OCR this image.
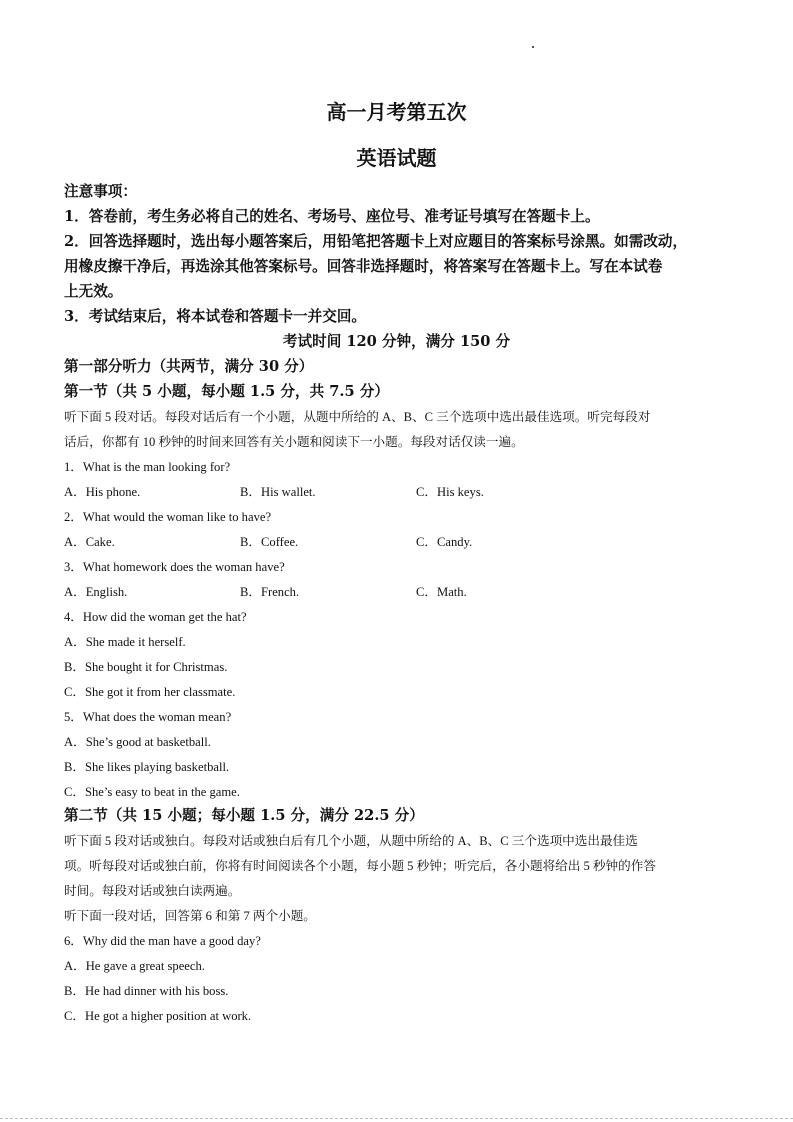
高一月考第五次
英语试题
注意事项：
1．答卷前，考生务必将自己的姓名、考场号、座位号、准考证号填写在答题卡上。
2．回答选择题时，选出每小题答案后，用铅笔把答题卡上对应题目的答案标号涂黑。如需改动，
用橡皮擦干净后，再选涂其他答案标号。回答非选择题时，将答案写在答题卡上。写在本试卷
上无效。
3．考试结束后，将本试卷和答题卡一并交回。
考试时间 120 分钟，满分 150 分
第一部分听力（共两节，满分 30 分）
第一节（共 5 小题，每小题 1.5 分，共 7.5 分）
听下面 5 段对话。每段对话后有一个小题，从题中所给的 A、B、C 三个选项中选出最佳选项。听完每段对
话后，你都有 10 秒钟的时间来回答有关小题和阅读下一小题。每段对话仅读一遍。
1．What is the man looking for?
A．His phone.	B．His wallet.	C．His keys.
2．What would the woman like to have?
A．Cake.	B．Coffee.	C．Candy.
3．What homework does the woman have?
A．English.	B．French.	C．Math.
4．How did the woman get the hat?
A．She made it herself.
B．She bought it for Christmas.
C．She got it from her classmate.
5．What does the woman mean?
A．She’s good at basketball.
B．She likes playing basketball.
C．She’s easy to beat in the game.
第二节（共 15 小题；每小题 1.5 分，满分 22.5 分）
听下面 5 段对话或独白。每段对话或独白后有几个小题，从题中所给的 A、B、C 三个选项中选出最佳选
项。听每段对话或独白前，你将有时间阅读各个小题，每小题 5 秒钟；听完后，各小题将给出 5 秒钟的作答
时间。每段对话或独白读两遍。
听下面一段对话，回答第 6 和第 7 两个小题。
6．Why did the man have a good day?
A．He gave a great speech.
B．He had dinner with his boss.
C．He got a higher position at work.
